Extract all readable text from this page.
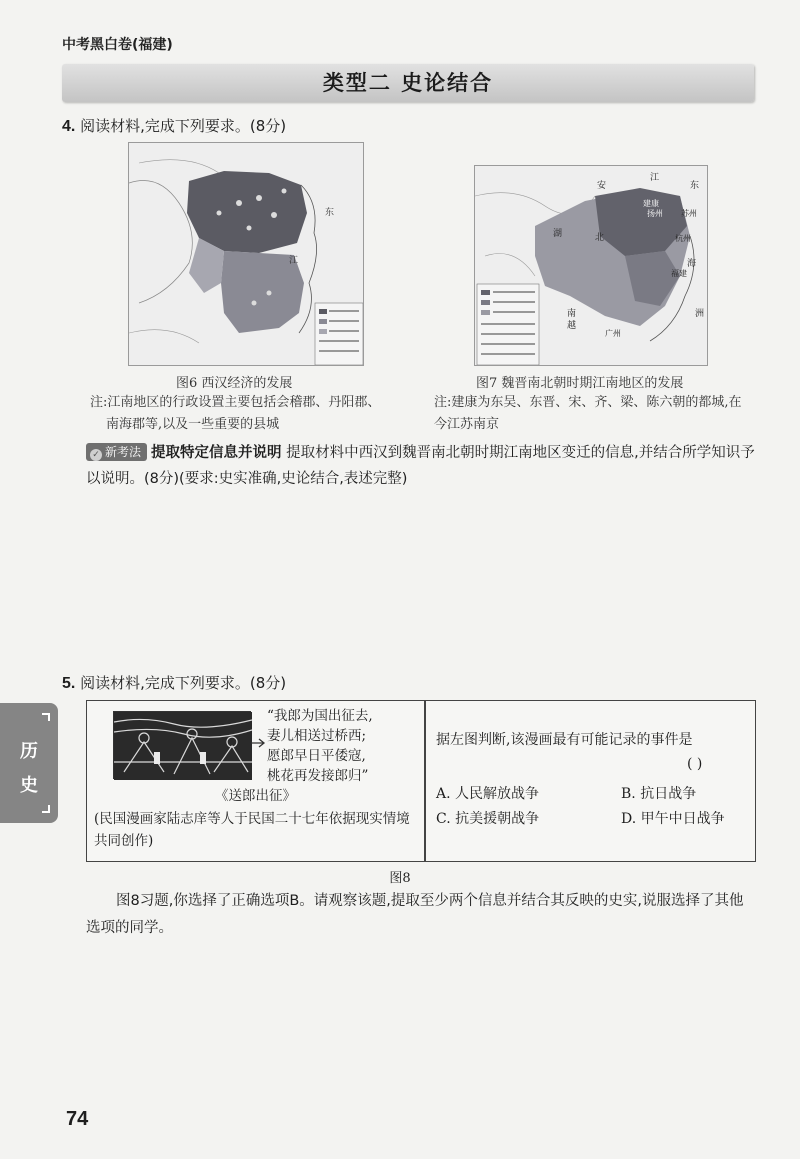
中考黑白卷(福建)
类型二 史论结合
4. 阅读材料,完成下列要求。(8分)
东
江
安
江
东
建康
扬州 苏州
湖	北	杭州
福建
海
广州
南
越
洲
图6 西汉经济的发展	图7 魏晋南北朝时期江南地区的发展
注:江南地区的行政设置主要包括会稽郡、丹阳郡、
南海郡等,以及一些重要的县城
注:建康为东吴、东晋、宋、齐、梁、陈六朝的都城,在
今江苏南京
✓ 新考法 提取特定信息并说明 提取材料中西汉到魏晋南北朝时期江南地区变迁的信息,并结合所学知识予以说明。(8分)(要求:史实准确,史论结合,表述完整)
历
史
5. 阅读材料,完成下列要求。(8分)
“我郎为国出征去,
妻儿相送过桥西;
愿郎早日平倭寇,
桃花再发接郎归”
《送郎出征》
(民国漫画家陆志庠等人于民国二十七年依据现实情境共同创作)
据左图判断,该漫画最有可能记录的事件是
( )
A. 人民解放战争	B. 抗日战争
C. 抗美援朝战争	D. 甲午中日战争
图8
图8习题,你选择了正确选项B。请观察该题,提取至少两个信息并结合其反映的史实,说服选择了其他选项的同学。
74
